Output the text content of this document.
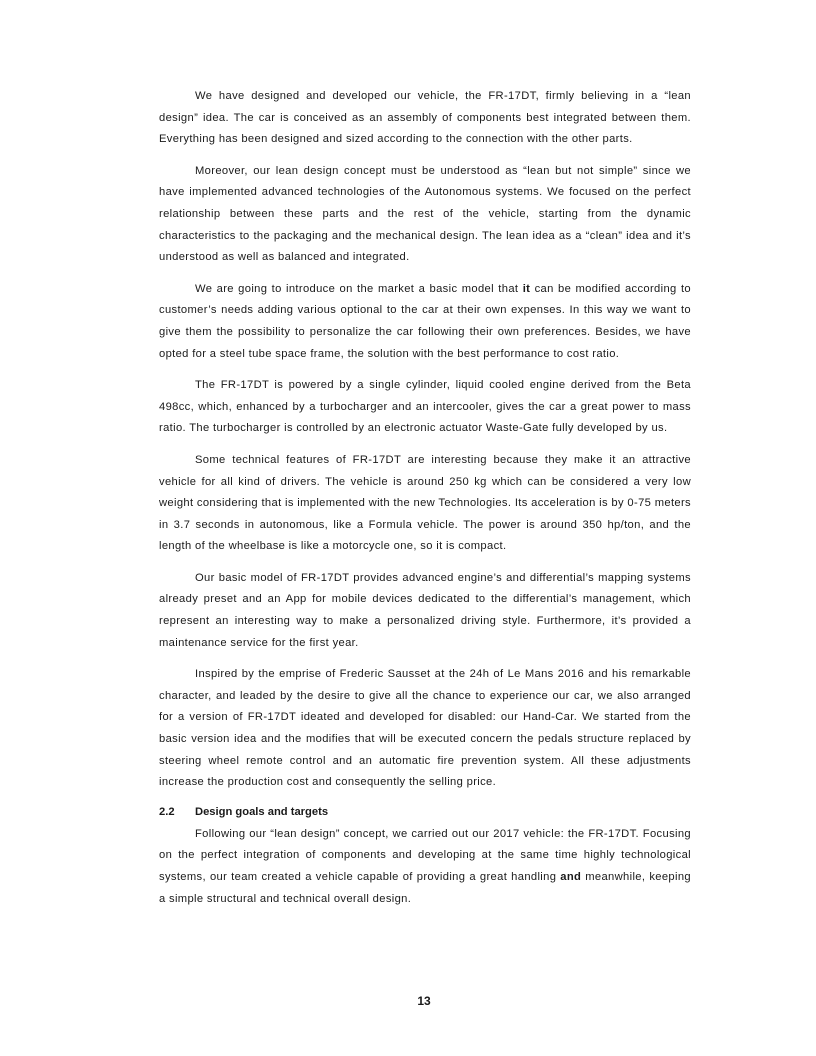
We have designed and developed our vehicle, the FR-17DT, firmly believing in a “lean design” idea. The car is conceived as an assembly of components best integrated between them. Everything has been designed and sized according to the connection with the other parts.

Moreover, our lean design concept must be understood as “lean but not simple” since we have implemented advanced technologies of the Autonomous systems. We focused on the perfect relationship between these parts and the rest of the vehicle, starting from the dynamic characteristics to the packaging and the mechanical design. The lean idea as a “clean” idea and it’s understood as well as balanced and integrated.

We are going to introduce on the market a basic model that it can be modified according to customer’s needs adding various optional to the car at their own expenses. In this way we want to give them the possibility to personalize the car following their own preferences. Besides, we have opted for a steel tube space frame, the solution with the best performance to cost ratio.

The FR-17DT is powered by a single cylinder, liquid cooled engine derived from the Beta 498cc, which, enhanced by a turbocharger and an intercooler, gives the car a great power to mass ratio. The turbocharger is controlled by an electronic actuator Waste-Gate fully developed by us.

Some technical features of FR-17DT are interesting because they make it an attractive vehicle for all kind of drivers. The vehicle is around 250 kg which can be considered a very low weight considering that is implemented with the new Technologies. Its acceleration is by 0-75 meters in 3.7 seconds in autonomous, like a Formula vehicle. The power is around 350 hp/ton, and the length of the wheelbase is like a motorcycle one, so it is compact.

Our basic model of FR-17DT provides advanced engine’s and differential’s mapping systems already preset and an App for mobile devices dedicated to the differential’s management, which represent an interesting way to make a personalized driving style. Furthermore, it’s provided a maintenance service for the first year.

Inspired by the emprise of Frederic Sausset at the 24h of Le Mans 2016 and his remarkable character, and leaded by the desire to give all the chance to experience our car, we also arranged for a version of FR-17DT ideated and developed for disabled: our Hand-Car. We started from the basic version idea and the modifies that will be executed concern the pedals structure replaced by steering wheel remote control and an automatic fire prevention system. All these adjustments increase the production cost and consequently the selling price.

2.2	Design goals and targets

Following our “lean design” concept, we carried out our 2017 vehicle: the FR-17DT. Focusing on the perfect integration of components and developing at the same time highly technological systems, our team created a vehicle capable of providing a great handling and meanwhile, keeping a simple structural and technical overall design.

13
